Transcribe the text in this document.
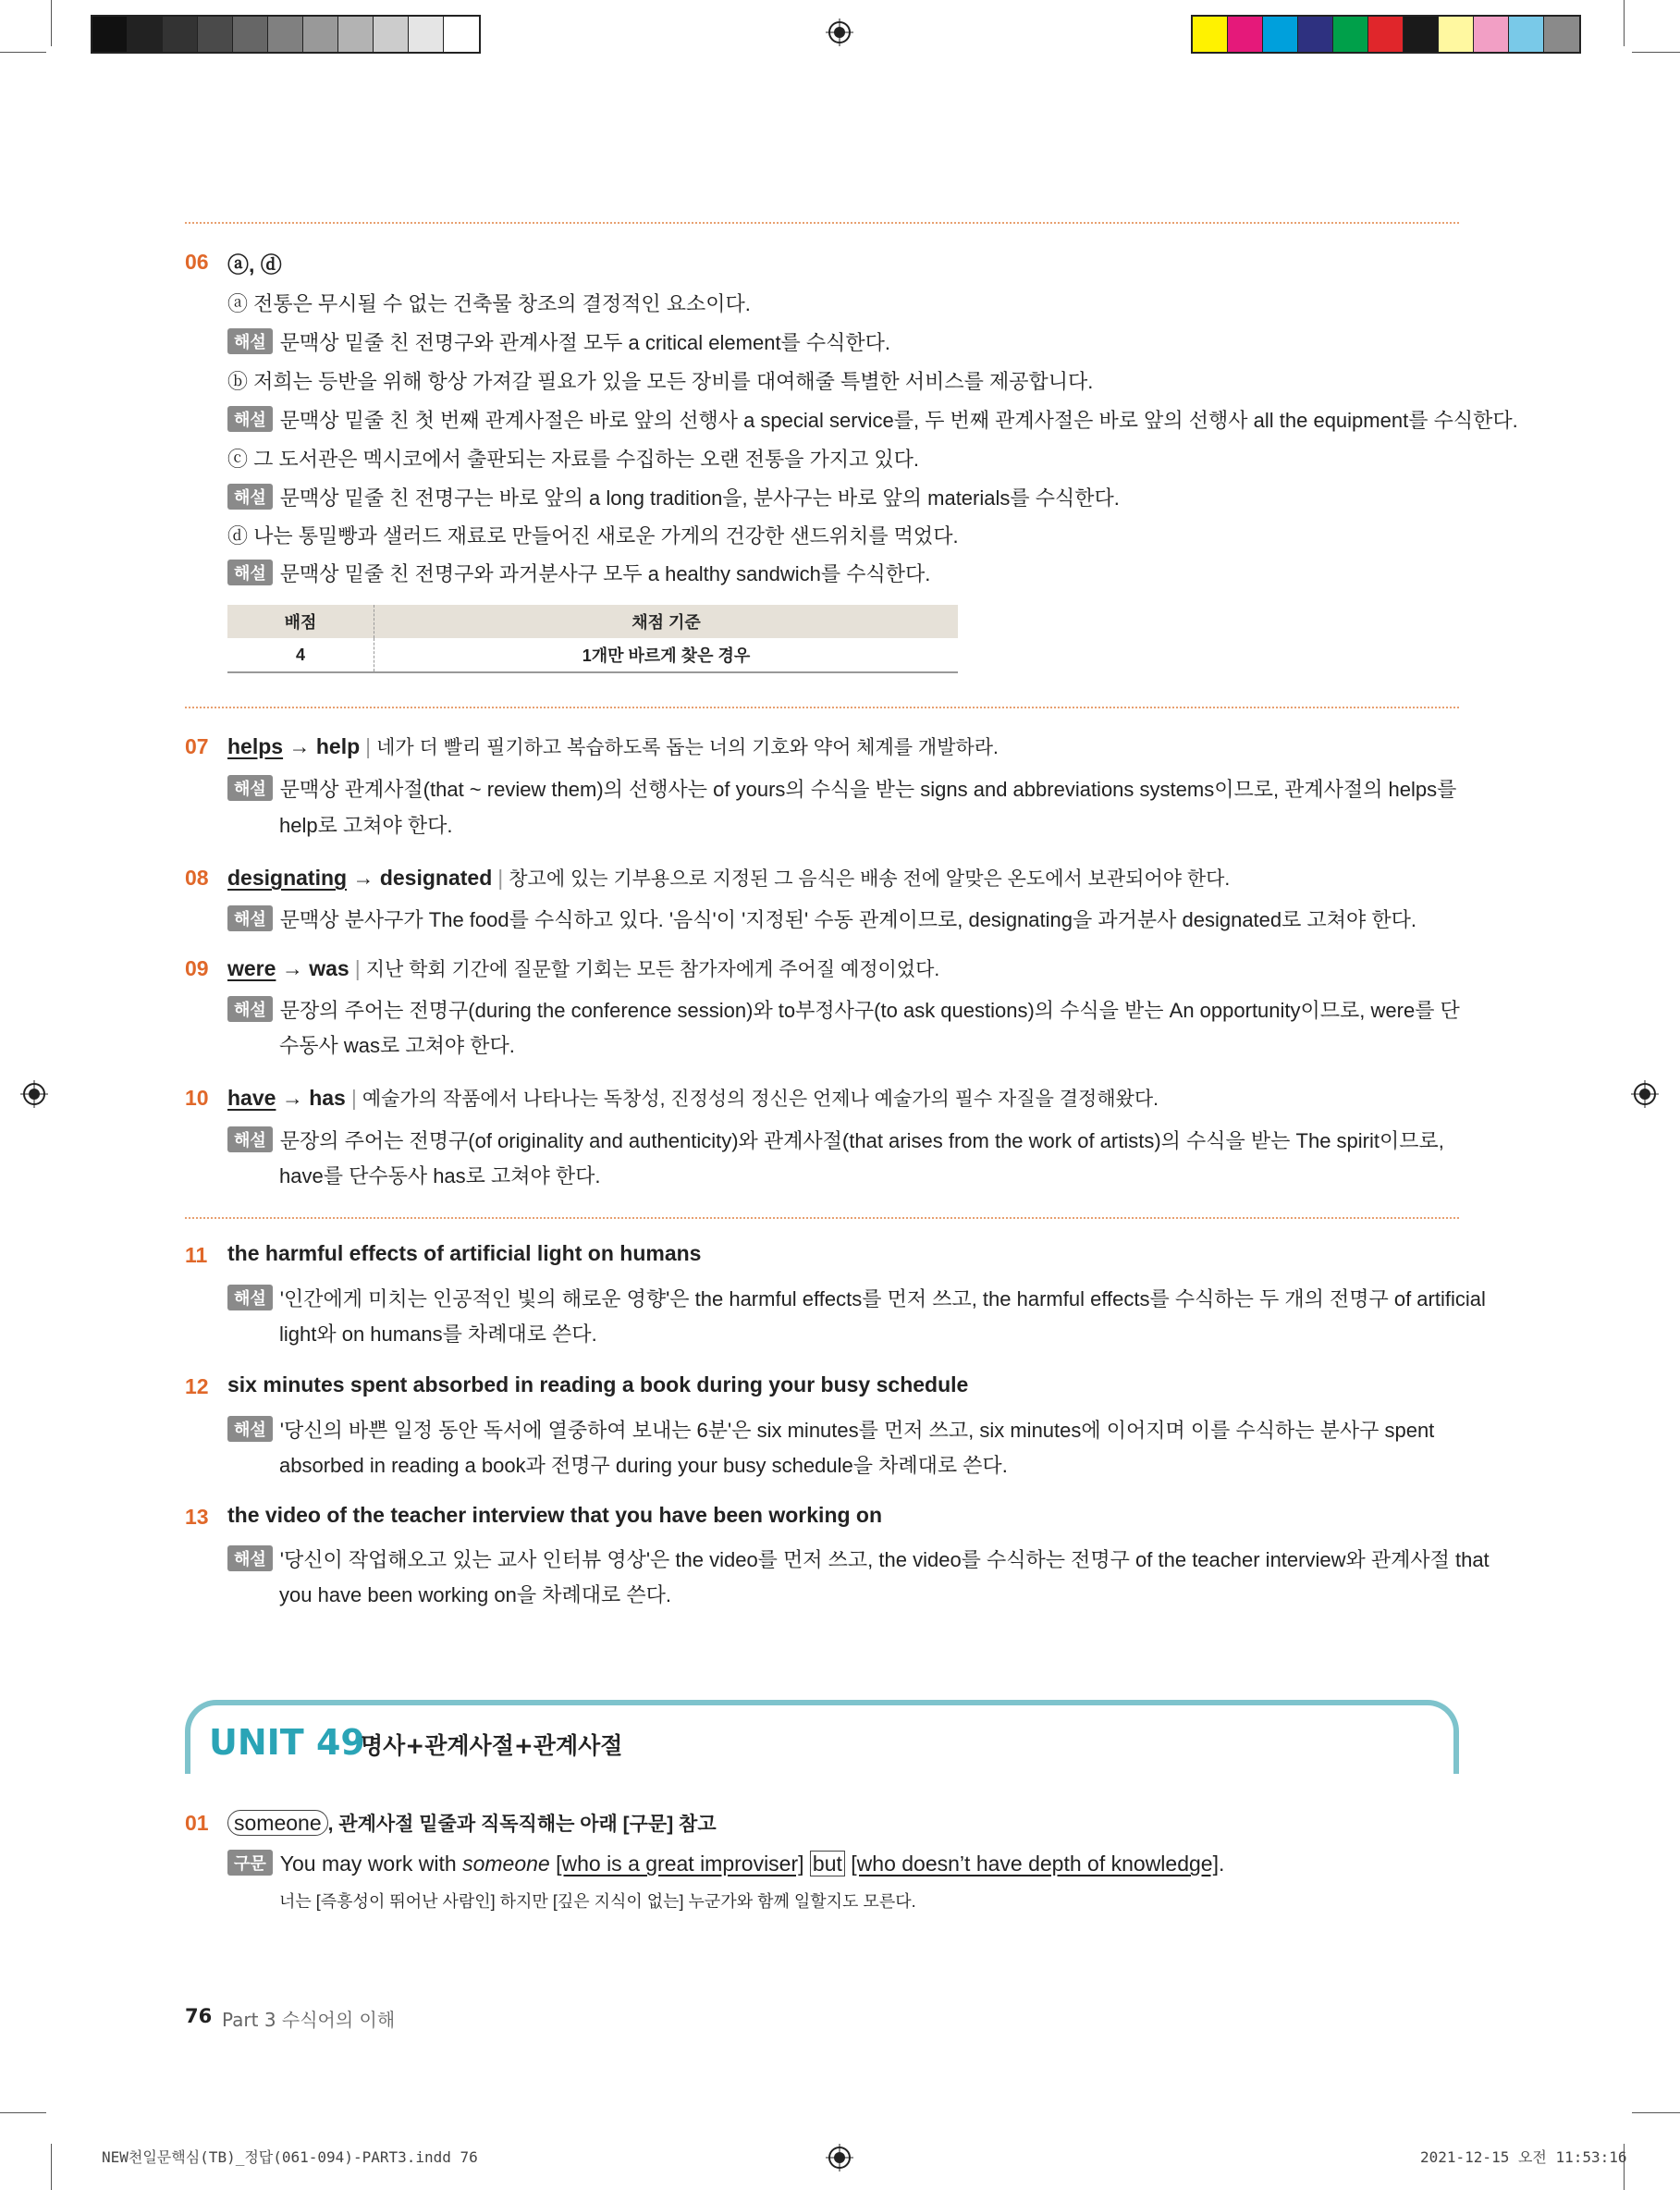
06 ⓐ, ⓓ
ⓐ 전통은 무시될 수 없는 건축물 창조의 결정적인 요소이다.
해설 문맥상 밑줄 친 전명구와 관계사절 모두 a critical element를 수식한다.
ⓑ 저희는 등반을 위해 항상 가져갈 필요가 있을 모든 장비를 대여해줄 특별한 서비스를 제공합니다.
해설 문맥상 밑줄 친 첫 번째 관계사절은 바로 앞의 선행사 a special service를, 두 번째 관계사절은 바로 앞의 선행사 all the equipment를 수식한다.
ⓒ 그 도서관은 멕시코에서 출판되는 자료를 수집하는 오랜 전통을 가지고 있다.
해설 문맥상 밑줄 친 전명구는 바로 앞의 a long tradition을, 분사구는 바로 앞의 materials를 수식한다.
ⓓ 나는 통밀빵과 샐러드 재료로 만들어진 새로운 가게의 건강한 샌드위치를 먹었다.
해설 문맥상 밑줄 친 전명구와 과거분사구 모두 a healthy sandwich를 수식한다.
배점	채점 기준
4	1개만 바르게 찾은 경우
07 helps → help | 네가 더 빨리 필기하고 복습하도록 돕는 너의 기호와 약어 체계를 개발하라.
해설 문맥상 관계사절(that ~ review them)의 선행사는 of yours의 수식을 받는 signs and abbreviations systems이므로, 관계사절의 helps를
help로 고쳐야 한다.
08 designating → designated | 창고에 있는 기부용으로 지정된 그 음식은 배송 전에 알맞은 온도에서 보관되어야 한다.
해설 문맥상 분사구가 The food를 수식하고 있다. '음식'이 '지정된' 수동 관계이므로, designating을 과거분사 designated로 고쳐야 한다.
09 were → was | 지난 학회 기간에 질문할 기회는 모든 참가자에게 주어질 예정이었다.
해설 문장의 주어는 전명구(during the conference session)와 to부정사구(to ask questions)의 수식을 받는 An opportunity이므로, were를 단
수동사 was로 고쳐야 한다.
10 have → has | 예술가의 작품에서 나타나는 독창성, 진정성의 정신은 언제나 예술가의 필수 자질을 결정해왔다.
해설 문장의 주어는 전명구(of originality and authenticity)와 관계사절(that arises from the work of artists)의 수식을 받는 The spirit이므로,
have를 단수동사 has로 고쳐야 한다.
11 the harmful effects of artificial light on humans
해설 '인간에게 미치는 인공적인 빛의 해로운 영향'은 the harmful effects를 먼저 쓰고, the harmful effects를 수식하는 두 개의 전명구 of artificial
light와 on humans를 차례대로 쓴다.
12 six minutes spent absorbed in reading a book during your busy schedule
해설 '당신의 바쁜 일정 동안 독서에 열중하여 보내는 6분'은 six minutes를 먼저 쓰고, six minutes에 이어지며 이를 수식하는 분사구 spent
absorbed in reading a book과 전명구 during your busy schedule을 차례대로 쓴다.
13 the video of the teacher interview that you have been working on
해설 '당신이 작업해오고 있는 교사 인터뷰 영상'은 the video를 먼저 쓰고, the video를 수식하는 전명구 of the teacher interview와 관계사절 that
you have been working on을 차례대로 쓴다.
UNIT 49
명사+관계사절+관계사절
01	someone , 관계사절 밑줄과 직독직해는 아래 [구문] 참고
구문 You may work with someone [who is a great improviser] but [who doesn’t have depth of knowledge].
너는 [즉흥성이 뛰어난 사람인] 하지만 [깊은 지식이 없는] 누군가와 함께 일할지도 모른다.
76 Part 3 수식어의 이해
NEW천일문핵심(TB)_정답(061-094)-PART3.indd 76	2021-12-15 오전 11:53:16
